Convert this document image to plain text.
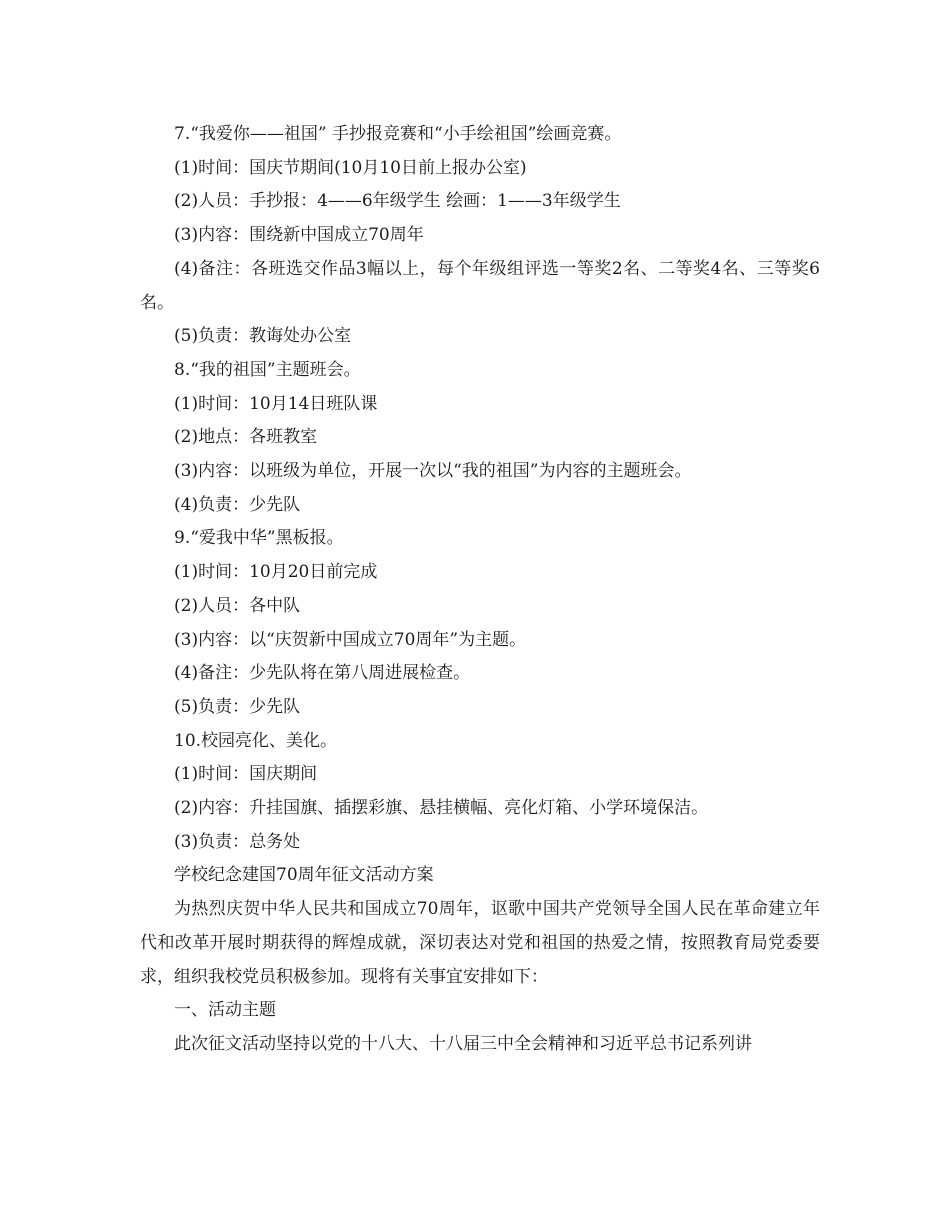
7.“我爱你——祖国” 手抄报竞赛和“小手绘祖国”绘画竞赛。

(1)时间：国庆节期间(10月10日前上报办公室)

(2)人员：手抄报：4——6年级学生 绘画：1——3年级学生

(3)内容：围绕新中国成立70周年

(4)备注：各班选交作品3幅以上，每个年级组评选一等奖2名、二等奖4名、三等奖6名。

(5)负责：教诲处办公室

8.“我的祖国”主题班会。

(1)时间：10月14日班队课

(2)地点：各班教室

(3)内容：以班级为单位，开展一次以“我的祖国”为内容的主题班会。

(4)负责：少先队

9.“爱我中华”黑板报。

(1)时间：10月20日前完成

(2)人员：各中队

(3)内容：以“庆贺新中国成立70周年”为主题。

(4)备注：少先队将在第八周进展检查。

(5)负责：少先队

10.校园亮化、美化。

(1)时间：国庆期间

(2)内容：升挂国旗、插摆彩旗、悬挂横幅、亮化灯箱、小学环境保洁。

(3)负责：总务处

学校纪念建国70周年征文活动方案

为热烈庆贺中华人民共和国成立70周年，讴歌中国共产党领导全国人民在革命建立年代和改革开展时期获得的辉煌成就，深切表达对党和祖国的热爱之情，按照教育局党委要求，组织我校党员积极参加。现将有关事宜安排如下：

一、活动主题

此次征文活动坚持以党的十八大、十八届三中全会精神和习近平总书记系列讲
